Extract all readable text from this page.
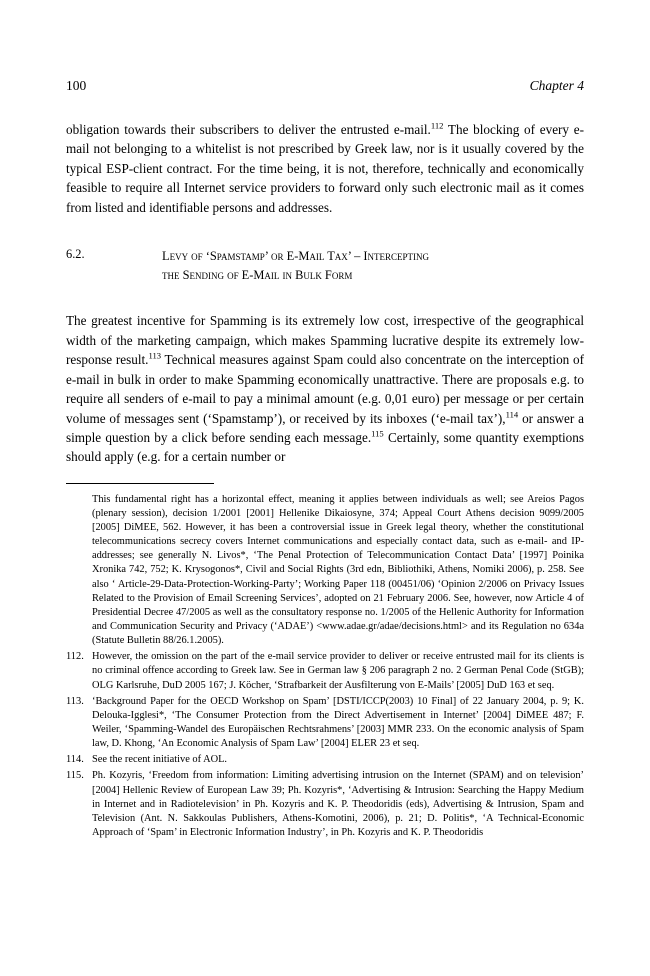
100	Chapter 4

obligation towards their subscribers to deliver the entrusted e-mail.$^{112}$ The blocking of every e-mail not belonging to a whitelist is not prescribed by Greek law, nor is it usually covered by the typical ESP-client contract. For the time being, it is not, therefore, technically and economically feasible to require all Internet service providers to forward only such electronic mail as it comes from listed and identifiable persons and addresses.

6.2.	Levy of ‘Spamstamp’ or E-Mail Tax’ – Intercepting
the Sending of E-Mail in Bulk Form

The greatest incentive for Spamming is its extremely low cost, irrespective of the geographical width of the marketing campaign, which makes Spamming lucrative despite its extremely low-response result.$^{113}$ Technical measures against Spam could also concentrate on the interception of e-mail in bulk in order to make Spamming economically unattractive. There are proposals e.g. to require all senders of e-mail to pay a minimal amount (e.g. 0,01 euro) per message or per certain volume of messages sent (‘Spamstamp’), or received by its inboxes (‘e-mail tax’),$^{114}$ or answer a simple question by a click before sending each message.$^{115}$ Certainly, some quantity exemptions should apply (e.g. for a certain number or

This fundamental right has a horizontal effect, meaning it applies between individuals as well; see Areios Pagos (plenary session), decision 1/2001 [2001] Hellenike Dikaiosyne, 374; Appeal Court Athens decision 9099/2005 [2005] DiMEE, 562. However, it has been a controversial issue in Greek legal theory, whether the constitutional telecommunications secrecy covers Internet communications and especially contact data, such as e-mail- and IP-addresses; see generally N. Livos*, ‘The Penal Protection of Telecommunication Contact Data’ [1997] Poinika Xronika 742, 752; K. Krysogonos*, Civil and Social Rights (3rd edn, Bibliothiki, Athens, Nomiki 2006), p. 258. See also ‘ Article-29-Data-Protection-Working-Party’; Working Paper 118 (00451/06) ‘Opinion 2/2006 on Privacy Issues Related to the Provision of Email Screening Services’, adopted on 21 February 2006. See, however, now Article 4 of Presidential Decree 47/2005 as well as the consultatory response no. 1/2005 of the Hellenic Authority for Information and Communication Security and Privacy (‘ADAE’) <www.adae.gr/adae/decisions.html> and its Regulation no 634a (Statute Bulletin 88/26.1.2005).
112. However, the omission on the part of the e-mail service provider to deliver or receive entrusted mail for its clients is no criminal offence according to Greek law. See in German law § 206 paragraph 2 no. 2 German Penal Code (StGB); OLG Karlsruhe, DuD 2005 167; J. Köcher, ‘Strafbarkeit der Ausfilterung von E-Mails’ [2005] DuD 163 et seq.
113. ‘Background Paper for the OECD Workshop on Spam’ [DSTI/ICCP(2003) 10 Final] of 22 January 2004, p. 9; K. Delouka-Igglesi*, ‘The Consumer Protection from the Direct Advertisement in Internet’ [2004] DiMEE 487; F. Weiler, ‘Spamming-Wandel des Europäischen Rechtsrahmens’ [2003] MMR 233. On the economic analysis of Spam law, D. Khong, ‘An Economic Analysis of Spam Law’ [2004] ELER 23 et seq.
114. See the recent initiative of AOL.
115. Ph. Kozyris, ‘Freedom from information: Limiting advertising intrusion on the Internet (SPAM) and on television’ [2004] Hellenic Review of European Law 39; Ph. Kozyris*, ‘Advertising & Intrusion: Searching the Happy Medium in Internet and in Radiotelevision’ in Ph. Kozyris and K. P. Theodoridis (eds), Advertising & Intrusion, Spam and Television (Ant. N. Sakkoulas Publishers, Athens-Komotini, 2006), p. 21; D. Politis*, ‘A Technical-Economic Approach of ‘Spam’ in Electronic Information Industry’, in Ph. Kozyris and K. P. Theodoridis
